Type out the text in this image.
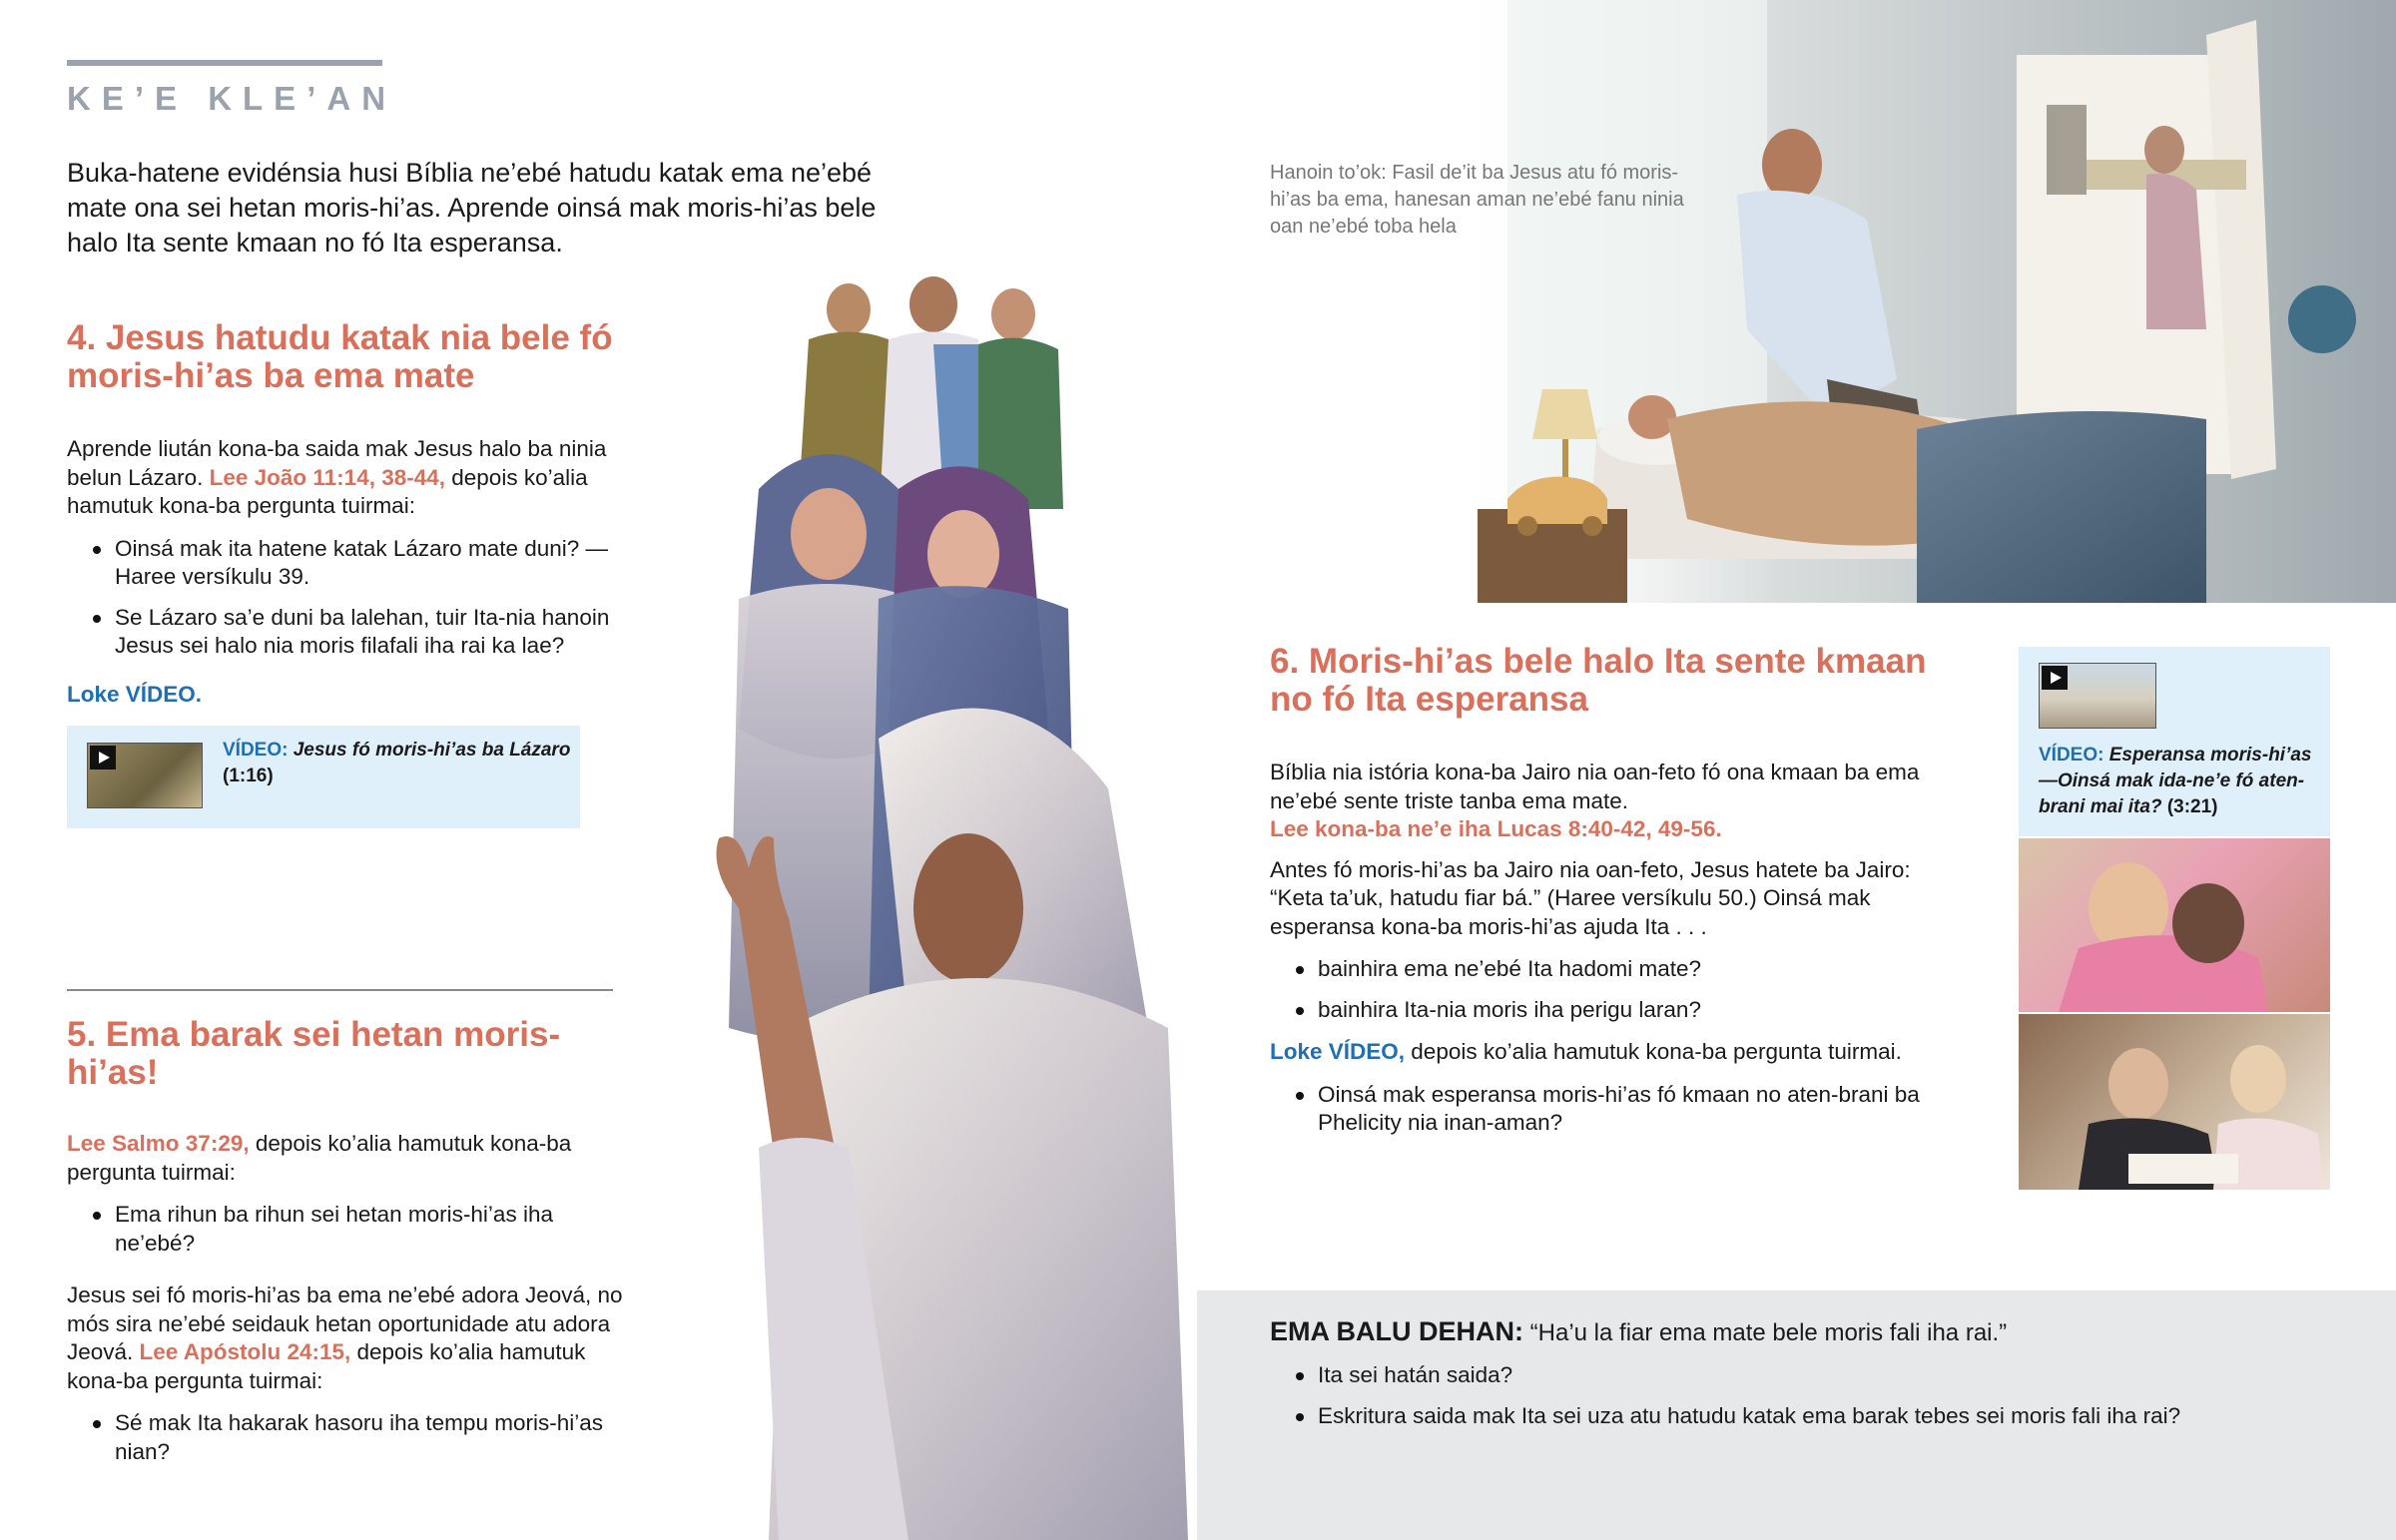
KE’E KLE’AN
Buka-hatene evidénsia husi Bíblia ne’ebé hatudu katak ema ne’ebé mate ona sei hetan moris-hi’as. Aprende oinsá mak moris-hi’as bele halo Ita sente kmaan no fó Ita esperansa.
4. Jesus hatudu katak nia bele fó moris-hi’as ba ema mate
Aprende liután kona-ba saida mak Jesus halo ba ninia belun Lázaro. Lee João 11:14, 38-44, depois ko’alia hamutuk kona-ba pergunta tuirmai:
Oinsá mak ita hatene katak Lázaro mate duni? —Haree versíkulu 39.
Se Lázaro sa’e duni ba lalehan, tuir Ita-nia hanoin Jesus sei halo nia moris filafali iha rai ka lae?
Loke VÍDEO.
VÍDEO: Jesus fó moris-hi’as ba Lázaro
(1:16)
5. Ema barak sei hetan moris-hi’as!
Lee Salmo 37:29, depois ko’alia hamutuk kona-ba pergunta tuirmai:
Ema rihun ba rihun sei hetan moris-hi’as iha ne’ebé?
Jesus sei fó moris-hi’as ba ema ne’ebé adora Jeová, no mós sira ne’ebé seidauk hetan oportunidade atu adora Jeová. Lee Apóstolu 24:15, depois ko’alia hamutuk kona-ba pergunta tuirmai:
Sé mak Ita hakarak hasoru iha tempu moris-hi’as nian?
Hanoin to’ok: Fasil de’it ba Jesus atu fó moris-hi’as ba ema, hanesan aman ne’ebé fanu ninia oan ne’ebé toba hela
6. Moris-hi’as bele halo Ita sente kmaan no fó Ita esperansa
Bíblia nia istória kona-ba Jairo nia oan-feto fó ona kmaan ba ema ne’ebé sente triste tanba ema mate.
Lee kona-ba ne’e iha Lucas 8:40-42, 49-56.
Antes fó moris-hi’as ba Jairo nia oan-feto, Jesus hatete ba Jairo: “Keta ta’uk, hatudu fiar bá.” (Haree versíkulu 50.) Oinsá mak esperansa kona-ba moris-hi’as ajuda Ita . . .
bainhira ema ne’ebé Ita hadomi mate?
bainhira Ita-nia moris iha perigu laran?
Loke VÍDEO, depois ko’alia hamutuk kona-ba pergunta tuirmai.
Oinsá mak esperansa moris-hi’as fó kmaan no aten-brani ba Phelicity nia inan-aman?
VÍDEO: Esperansa moris-hi’as —Oinsá mak ida-ne’e fó aten-brani mai ita? (3:21)
EMA BALU DEHAN: “Ha’u la fiar ema mate bele moris fali iha rai.”
Ita sei hatán saida?
Eskritura saida mak Ita sei uza atu hatudu katak ema barak tebes sei moris fali iha rai?
